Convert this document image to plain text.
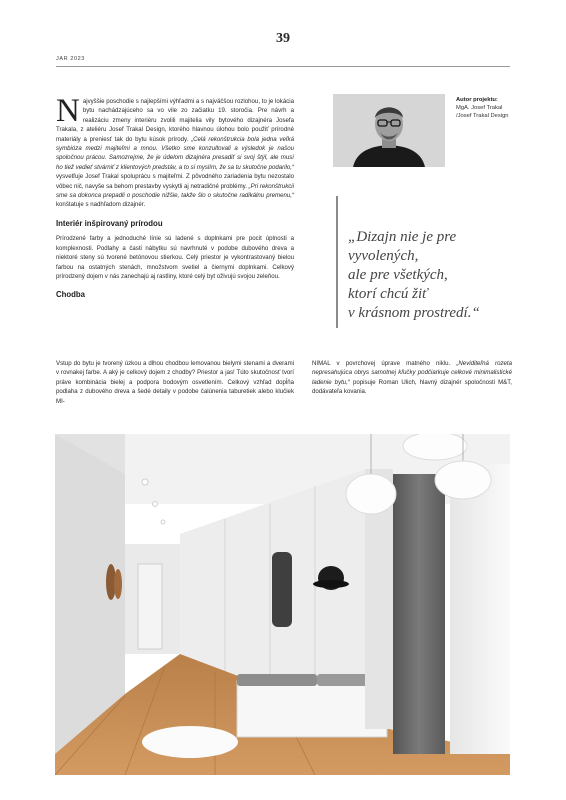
39
JAR 2023

Najvyššie poschodie s najlepšími výhľadmi a s najväčšou rozlohou, to je lokácia bytu nachádzajúceho sa vo vile zo začiatku 19. storočia. Pre návrh a realizáciu zmeny interiéru zvolili majitelia vily bytového dizajnéra Josefa Trakala, z ateliéru Josef Trakal Design, ktorého hlavnou úlohou bolo použiť prírodné materiály a preniesť tak do bytu kúsok prírody. „Celá rekonštrukcia bola jedna veľká symbióza medzi majiteľmi a mnou. Všetko sme konzultovali a výsledok je našou spoločnou prácou. Samozrejme, že je údelom dizajnéra presadiť si svoj štýl, ale musí ho tiež vedieť stvárniť z klientových predstáv, a to si myslím, že sa tu skutočne podarilo,“ vysvetľuje Josef Trakal spoluprácu s majiteľmi. Z pôvodného zariadenia bytu nezostalo vôbec nič, navyše sa behom prestavby vyskytli aj netradičné problémy. „Pri rekonštrukcii sme sa dokonca prepadli o poschodie nižšie, takže šlo o skutočne radikálnu premenu,“ konštatuje s nadhľadom dizajnér.

Interiér inšpirovaný prírodou

Prírodzené farby a jednoduché línie sú ladené s doplnkami pre pocit úplnosti a komplexnosti. Podlahy a časti nábytku sú navrhnuté v podobe dubového dreva a niektoré steny sú tvorené betónovou stierkou. Celý priestor je vykontrastovaný bielou farbou na ostatných stenách, množstvom svetiel a čiernymi doplnkami. Celkový prírodzený dojem v nás zanechajú aj rastliny, ktoré celý byt oživujú svojou zeleňou.

Chodba
Vstup do bytu je tvorený úzkou a dlhou chodbou lemovanou bielymi stenami a dverami v rovnakej farbe. A aký je celkový dojem z chodby? Priestor a jas! Túto skutočnosť tvorí práve kombinácia bielej a podpora bodovým osvetlením. Celkový vzhľad dopĺňa podlaha z dubového dreva a šedé detaily v podobe čalúnenia taburetiek alebo klučiek MI-
NIMAL v povrchovej úprave matného niklu. „Neviditeľná rozeta nepresahujúca obrys samotnej kľučky podčiarkuje celkové minimalistické ladenie bytu,“ popisuje Roman Ulich, hlavný dizajnér spoločnosti M&T, dodávateľa kovania.
Autor projektu:
MgA. Josef Trakal
/Josef Trakal Design
„Dizajn nie je pre
vyvolených,
ale pre všetkých,
ktorí chcú žiť
v krásnom prostredí.“
